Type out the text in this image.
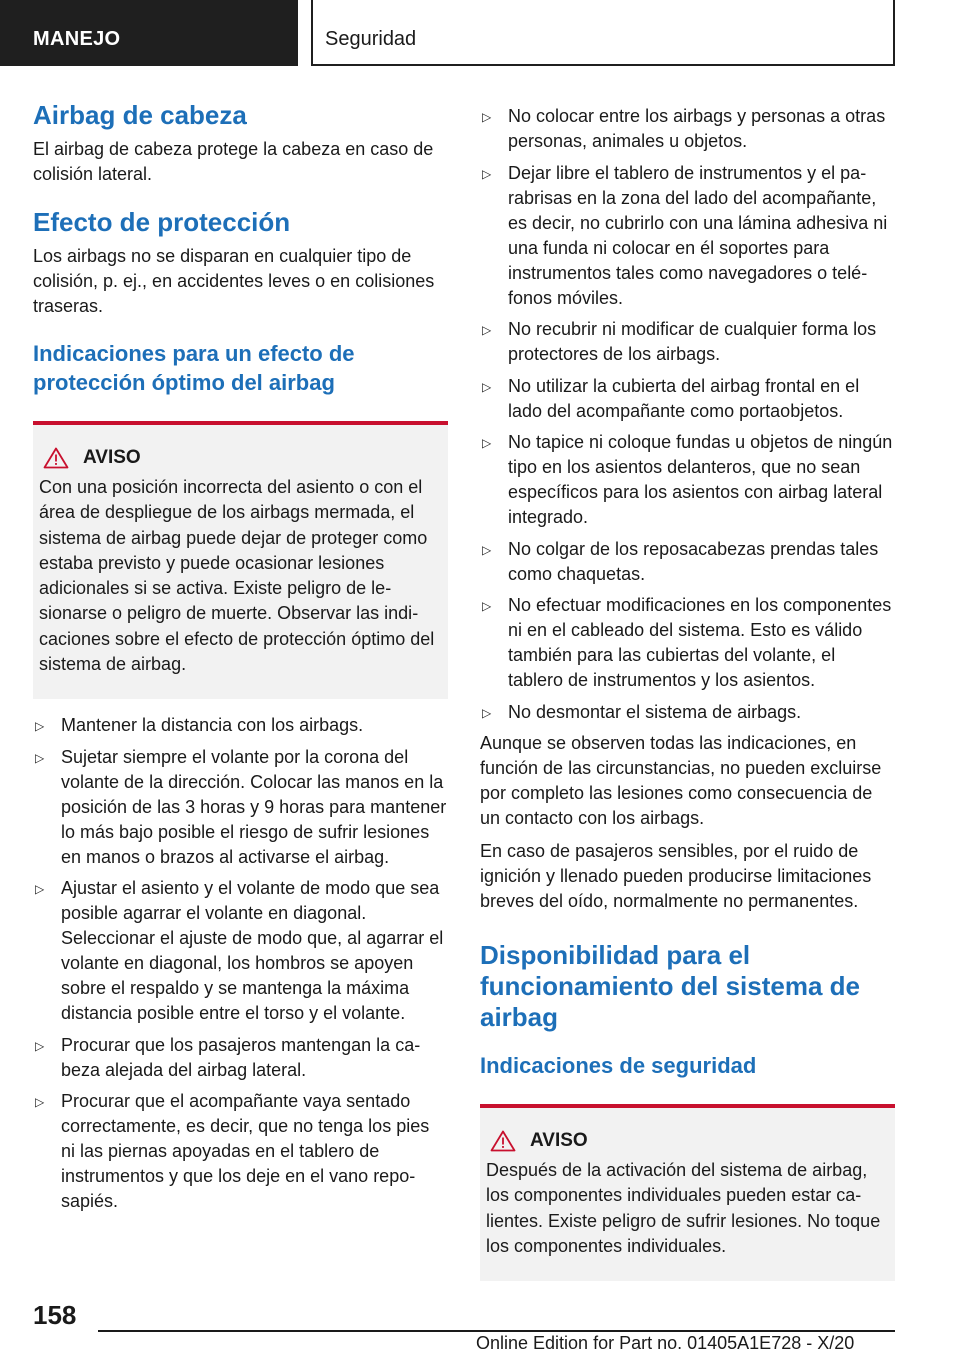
MANEJO	Seguridad
Airbag de cabeza

El airbag de cabeza protege la cabeza en caso de colisión lateral.

Efecto de protección

Los airbags no se disparan en cualquier tipo de colisión, p. ej., en accidentes leves o en colisiones traseras.

Indicaciones para un efecto de protección óptimo del airbag
AVISO

Con una posición incorrecta del asiento o con el área de despliegue de los airbags mermada, el sistema de airbag puede dejar de proteger como estaba previsto y puede ocasionar lesiones adicionales si se activa. Existe peligro de lesionarse o peligro de muerte. Observar las indicaciones sobre el efecto de protección óptimo del sistema de airbag.

▷ Mantener la distancia con los airbags.
▷ Sujetar siempre el volante por la corona del volante de la dirección. Colocar las manos en la posición de las 3 horas y 9 horas para mantener lo más bajo posible el riesgo de sufrir lesiones en manos o brazos al activarse el airbag.
▷ Ajustar el asiento y el volante de modo que sea posible agarrar el volante en diagonal. Seleccionar el ajuste de modo que, al agarrar el volante en diagonal, los hombros se apoyen sobre el respaldo y se mantenga la máxima distancia posible entre el torso y el volante.
▷ Procurar que los pasajeros mantengan la cabeza alejada del airbag lateral.
▷ Procurar que el acompañante vaya sentado correctamente, es decir, que no tenga los pies ni las piernas apoyadas en el tablero de instrumentos y que los deje en el vano reposapiés.
▷ No colocar entre los airbags y personas a otras personas, animales u objetos.
▷ Dejar libre el tablero de instrumentos y el parabrisas en la zona del lado del acompañante, es decir, no cubrirlo con una lámina adhesiva ni una funda ni colocar en él soportes para instrumentos tales como navegadores o teléfonos móviles.
▷ No recubrir ni modificar de cualquier forma los protectores de los airbags.
▷ No utilizar la cubierta del airbag frontal en el lado del acompañante como portaobjetos.
▷ No tapice ni coloque fundas u objetos de ningún tipo en los asientos delanteros, que no sean específicos para los asientos con airbag lateral integrado.
▷ No colgar de los reposacabezas prendas tales como chaquetas.
▷ No efectuar modificaciones en los componentes ni en el cableado del sistema. Esto es válido también para las cubiertas del volante, el tablero de instrumentos y los asientos.
▷ No desmontar el sistema de airbags.

Aunque se observen todas las indicaciones, en función de las circunstancias, no pueden excluirse por completo las lesiones como consecuencia de un contacto con los airbags.

En caso de pasajeros sensibles, por el ruido de ignición y llenado pueden producirse limitaciones breves del oído, normalmente no permanentes.

Disponibilidad para el funcionamiento del sistema de airbag
Indicaciones de seguridad
AVISO

Después de la activación del sistema de airbag, los componentes individuales pueden estar calientes. Existe peligro de sufrir lesiones. No toque los componentes individuales.

158
Online Edition for Part no. 01405A1E728 - X/20
